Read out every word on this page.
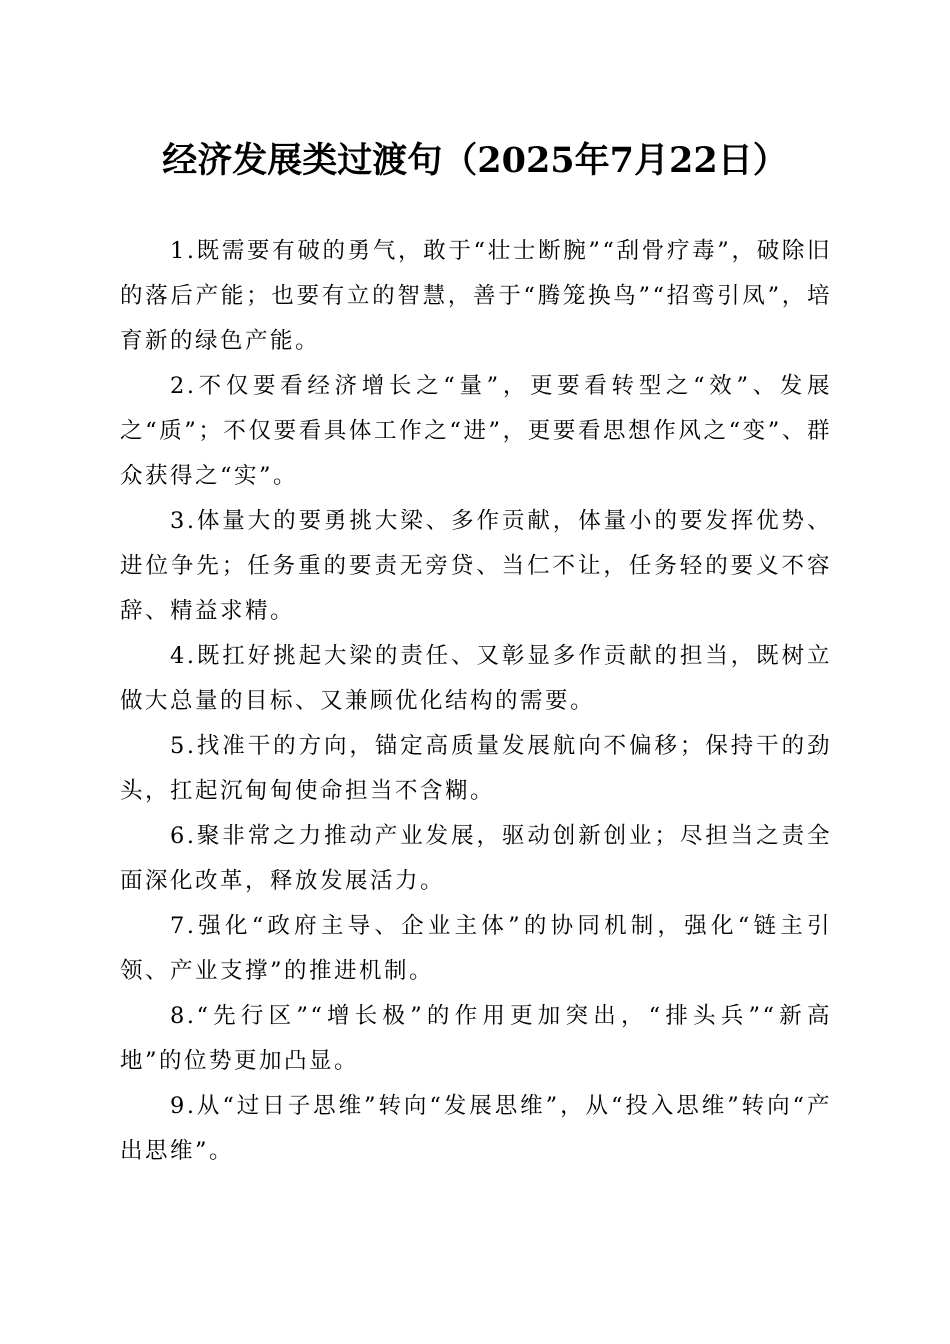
经济发展类过渡句（2025年7月22日）

1.既需要有破的勇气，敢于“壮士断腕”“刮骨疗毒”，破除旧的落后产能；也要有立的智慧，善于“腾笼换鸟”“招鸾引凤”，培育新的绿色产能。

2.不仅要看经济增长之“量”，更要看转型之“效”、发展之“质”；不仅要看具体工作之“进”，更要看思想作风之“变”、群众获得之“实”。

3.体量大的要勇挑大梁、多作贡献，体量小的要发挥优势、进位争先；任务重的要责无旁贷、当仁不让，任务轻的要义不容辞、精益求精。

4.既扛好挑起大梁的责任、又彰显多作贡献的担当，既树立做大总量的目标、又兼顾优化结构的需要。

5.找准干的方向，锚定高质量发展航向不偏移；保持干的劲头，扛起沉甸甸使命担当不含糊。

6.聚非常之力推动产业发展，驱动创新创业；尽担当之责全面深化改革，释放发展活力。

7.强化“政府主导、企业主体”的协同机制，强化“链主引领、产业支撑”的推进机制。

8.“先行区”“增长极”的作用更加突出，“排头兵”“新高地”的位势更加凸显。

9.从“过日子思维”转向“发展思维”，从“投入思维”转向“产出思维”。
